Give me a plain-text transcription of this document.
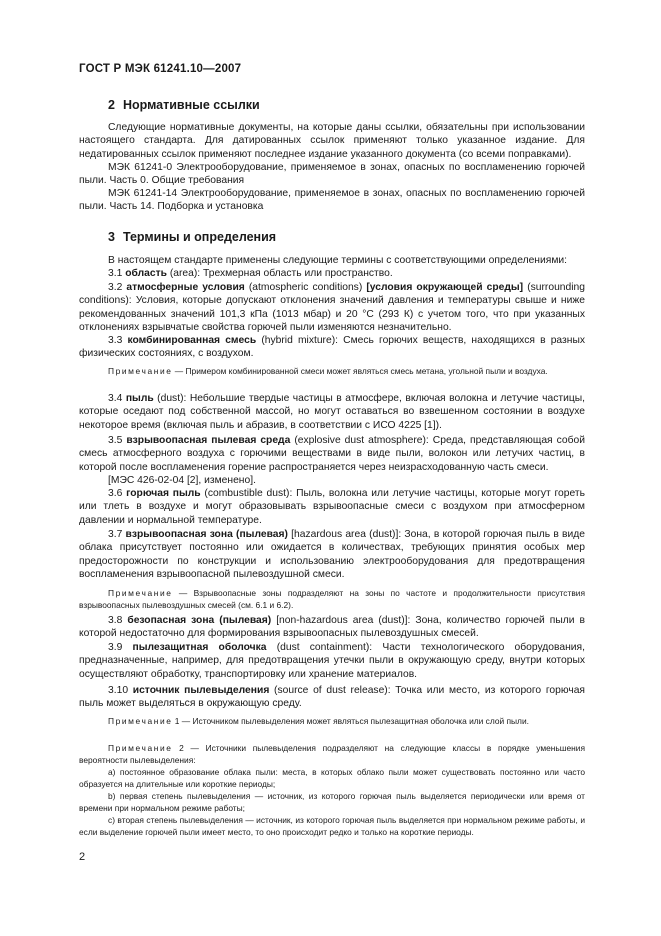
ГОСТ Р МЭК 61241.10—2007
2 Нормативные ссылки

Следующие нормативные документы, на которые даны ссылки, обязательны при использовании настоящего стандарта. Для датированных ссылок применяют только указанное издание. Для недатированных ссылок применяют последнее издание указанного документа (со всеми поправками).

МЭК 61241-0 Электрооборудование, применяемое в зонах, опасных по воспламенению горючей пыли. Часть 0. Общие требования

МЭК 61241-14 Электрооборудование, применяемое в зонах, опасных по воспламенению горючей пыли. Часть 14. Подборка и установка

3 Термины и определения

В настоящем стандарте применены следующие термины с соответствующими определениями:

3.1 область (area): Трехмерная область или пространство.

3.2 атмосферные условия (atmospheric conditions) [условия окружающей среды] (surrounding conditions): Условия, которые допускают отклонения значений давления и температуры свыше и ниже рекомендованных значений 101,3 кПа (1013 мбар) и 20 °С (293 К) с учетом того, что при указанных отклонениях взрывчатые свойства горючей пыли изменяются незначительно.

3.3 комбинированная смесь (hybrid mixture): Смесь горючих веществ, находящихся в разных физических состояниях, с воздухом.

Примечание — Примером комбинированной смеси может являться смесь метана, угольной пыли и воздуха.

3.4 пыль (dust): Небольшие твердые частицы в атмосфере, включая волокна и летучие частицы, которые оседают под собственной массой, но могут оставаться во взвешенном состоянии в воздухе некоторое время (включая пыль и абразив, в соответствии с ИСО 4225 [1]).

3.5 взрывоопасная пылевая среда (explosive dust atmosphere): Среда, представляющая собой смесь атмосферного воздуха с горючими веществами в виде пыли, волокон или летучих частиц, в которой после воспламенения горение распространяется через неизрасходованную часть смеси.

[МЭС 426-02-04 [2], изменено].

3.6 горючая пыль (combustible dust): Пыль, волокна или летучие частицы, которые могут гореть или тлеть в воздухе и могут образовывать взрывоопасные смеси с воздухом при атмосферном давлении и нормальной температуре.

3.7 взрывоопасная зона (пылевая) [hazardous area (dust)]: Зона, в которой горючая пыль в виде облака присутствует постоянно или ожидается в количествах, требующих принятия особых мер предосторожности по конструкции и использованию электрооборудования для предотвращения воспламенения взрывоопасной пылевоздушной смеси.

Примечание — Взрывоопасные зоны подразделяют на зоны по частоте и продолжительности присутствия взрывоопасных пылевоздушных смесей (см. 6.1 и 6.2).

3.8 безопасная зона (пылевая) [non-hazardous area (dust)]: Зона, количество горючей пыли в которой недостаточно для формирования взрывоопасных пылевоздушных смесей.

3.9 пылезащитная оболочка (dust containment): Части технологического оборудования, предназначенные, например, для предотвращения утечки пыли в окружающую среду, внутри которых осуществляют обработку, транспортировку или хранение материалов.

3.10 источник пылевыделения (source of dust release): Точка или место, из которого горючая пыль может выделяться в окружающую среду.

Примечание 1 — Источником пылевыделения может являться пылезащитная оболочка или слой пыли.

Примечание 2 — Источники пылевыделения подразделяют на следующие классы в порядке уменьшения вероятности пылевыделения:

а) постоянное образование облака пыли: места, в которых облако пыли может существовать постоянно или часто образуется на длительные или короткие периоды;

b) первая степень пылевыделения — источник, из которого горючая пыль выделяется периодически или время от времени при нормальном режиме работы;

с) вторая степень пылевыделения — источник, из которого горючая пыль выделяется при нормальном режиме работы, и если выделение горючей пыли имеет место, то оно происходит редко и только на короткие периоды.

2
